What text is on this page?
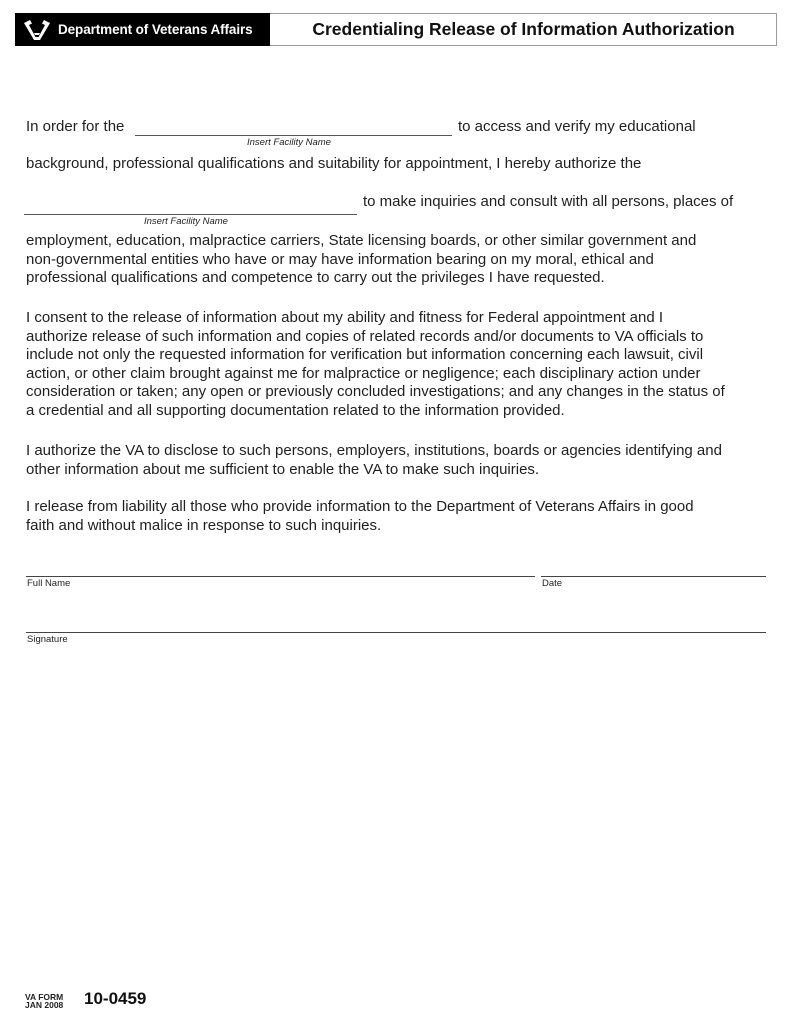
Department of Veterans Affairs	Credentialing Release of Information Authorization
In order for the
Insert Facility Name
to access and verify my educational
background, professional qualifications and suitability for appointment, I hereby authorize the
Insert Facility Name
to make inquiries and consult with all persons, places of
employment, education, malpractice carriers, State licensing boards, or other similar government and
non-governmental entities who have or may have information bearing on my moral, ethical and
professional qualifications and competence to carry out the privileges I have requested.
I consent to the release of information about my ability and fitness for Federal appointment and I
authorize release of such information and copies of related records and/or documents to VA officials to
include not only the requested information for verification but information concerning each lawsuit, civil
action, or other claim brought against me for malpractice or negligence; each disciplinary action under
consideration or taken; any open or previously concluded investigations; and any changes in the status of
a credential and all supporting documentation related to the information provided.
I authorize the VA to disclose to such persons, employers, institutions, boards or agencies identifying and
other information about me sufficient to enable the VA to make such inquiries.
I release from liability all those who provide information to the Department of Veterans Affairs in good
faith and without malice in response to such inquiries.
Full Name	Date
Signature
VA FORM
JAN 2008 10-0459
